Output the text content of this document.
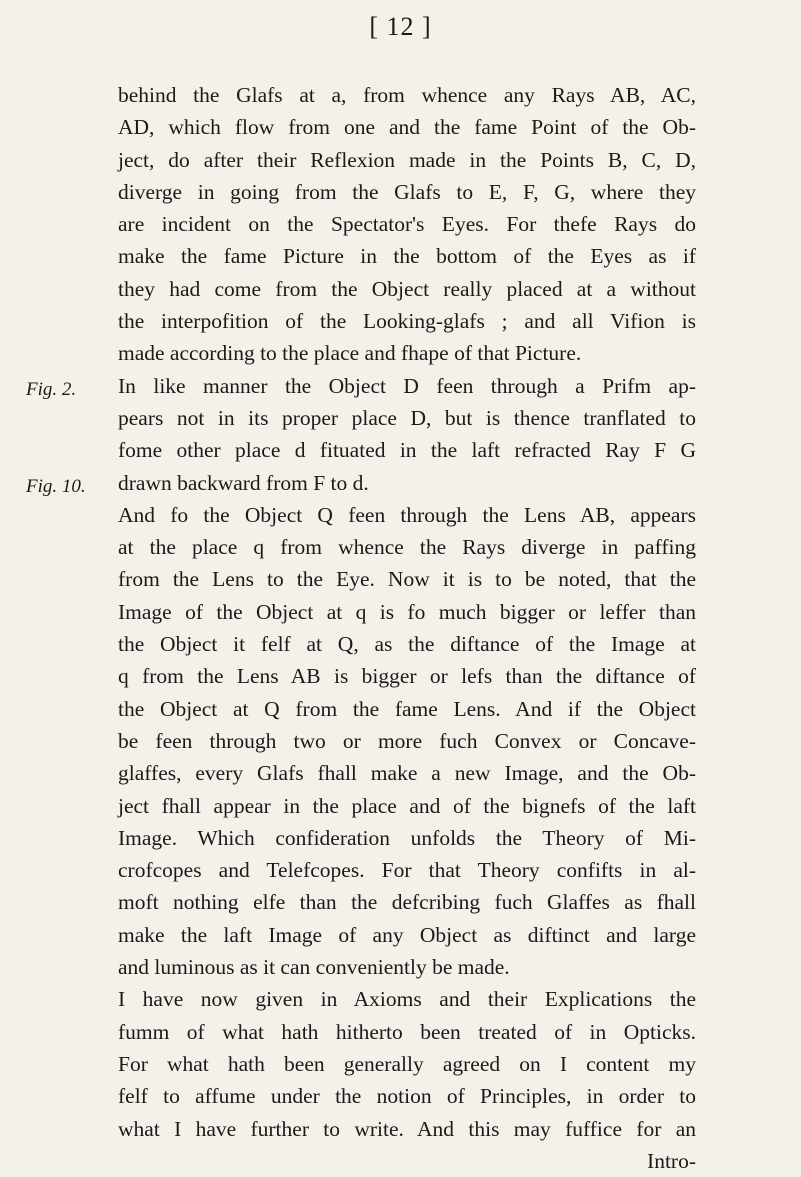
[ 12 ]
Fig. 2.
Fig. 10.
behind the Glafs at a, from whence any Rays AB, AC,
AD, which flow from one and the fame Point of the Ob-
ject, do after their Reflexion made in the Points B, C, D,
diverge in going from the Glafs to E, F, G, where they
are incident on the Spectator's Eyes. For thefe Rays do
make the fame Picture in the bottom of the Eyes as if
they had come from the Object really placed at a without
the interpofition of the Looking-glafs ; and all Vifion is
made according to the place and fhape of that Picture.
In like manner the Object D feen through a Prifm ap-
pears not in its proper place D, but is thence tranflated to
fome other place d fituated in the laft refracted Ray F G
drawn backward from F to d.
And fo the Object Q feen through the Lens AB, appears
at the place q from whence the Rays diverge in paffing
from the Lens to the Eye. Now it is to be noted, that the
Image of the Object at q is fo much bigger or leffer than
the Object it felf at Q, as the diftance of the Image at
q from the Lens AB is bigger or lefs than the diftance of
the Object at Q from the fame Lens. And if the Object
be feen through two or more fuch Convex or Concave-
glaffes, every Glafs fhall make a new Image, and the Ob-
ject fhall appear in the place and of the bignefs of the laft
Image. Which confideration unfolds the Theory of Mi-
crofcopes and Telefcopes. For that Theory confifts in al-
moft nothing elfe than the defcribing fuch Glaffes as fhall
make the laft Image of any Object as diftinct and large
and luminous as it can conveniently be made.
I have now given in Axioms and their Explications the
fumm of what hath hitherto been treated of in Opticks.
For what hath been generally agreed on I content my
felf to affume under the notion of Principles, in order to
what I have further to write. And this may fuffice for an
Intro-
